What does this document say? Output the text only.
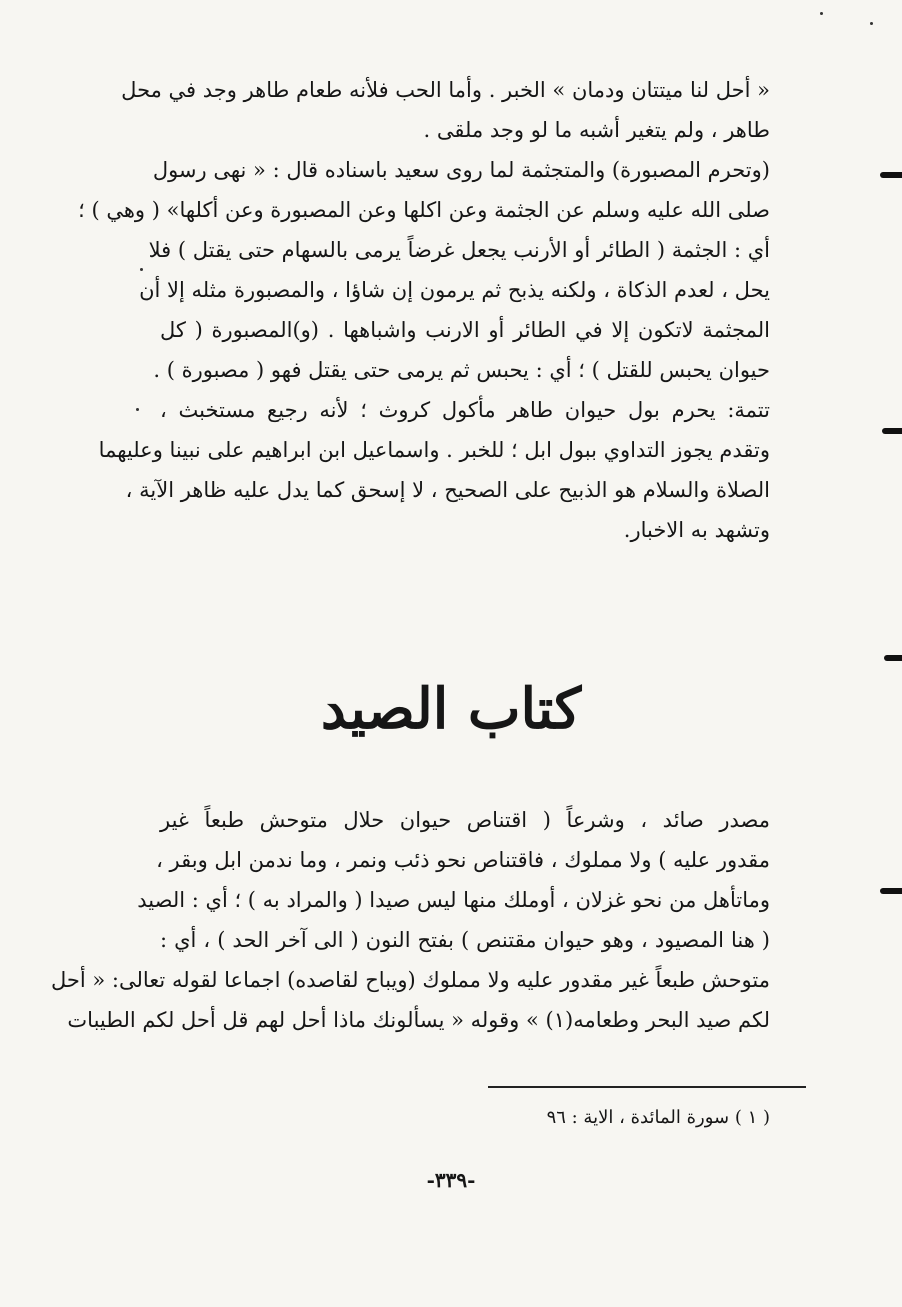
« أحل لنا ميتتان ودمان » الخبر . وأما الحب فلأنه طعام طاهر وجد في محل
طاهر ، ولم يتغير أشبه ما لو وجد ملقى .
(وتحرم المصبورة) والمتجثمة لما روى سعيد باسناده قال : « نهى رسول
صلى الله عليه وسلم عن الجثمة وعن اكلها وعن المصبورة وعن أكلها» ( وهي ) ؛
أي : الجثمة ( الطائر أو الأرنب يجعل غرضاً يرمى بالسهام حتى يقتل ) فلا
يحل ، لعدم الذكاة ، ولكنه يذبح ثم يرمون إن شاؤا ، والمصبورة مثله إلا أن
المجثمة لاتكون إلا في الطائر أو الارنب واشباهها . (و)المصبورة ( كل
حيوان يحبس للقتل ) ؛ أي : يحبس ثم يرمى حتى يقتل فهو ( مصبورة ) .
تتمة: يحرم بول حيوان طاهر مأكول كروث ؛ لأنه رجيع مستخبث ،
وتقدم يجوز التداوي ببول ابل ؛ للخبر . واسماعيل ابن ابراهيم على نبينا وعليهما
الصلاة والسلام هو الذبيح على الصحيح ، لا إسحق كما يدل عليه ظاهر الآية ،
وتشهد به الاخبار.
كتاب الصيد
مصدر صائد ، وشرعاً ( اقتناص حيوان حلال متوحش طبعاً غير
مقدور عليه ) ولا مملوك ، فاقتناص نحو ذئب ونمر ، وما ندمن ابل وبقر ،
وماتأهل من نحو غزلان ، أوملك منها ليس صيدا ( والمراد به ) ؛ أي : الصيد
( هنا المصيود ، وهو حيوان مقتنص ) بفتح النون ( الى آخر الحد ) ، أي :
متوحش طبعاً غير مقدور عليه ولا مملوك (ويباح لقاصده) اجماعا لقوله تعالى: « أحل
لكم صيد البحر وطعامه(١) » وقوله « يسألونك ماذا أحل لهم قل أحل لكم الطيبات
( ١ ) سورة المائدة ، الاية : ٩٦
-٣٣٩-
